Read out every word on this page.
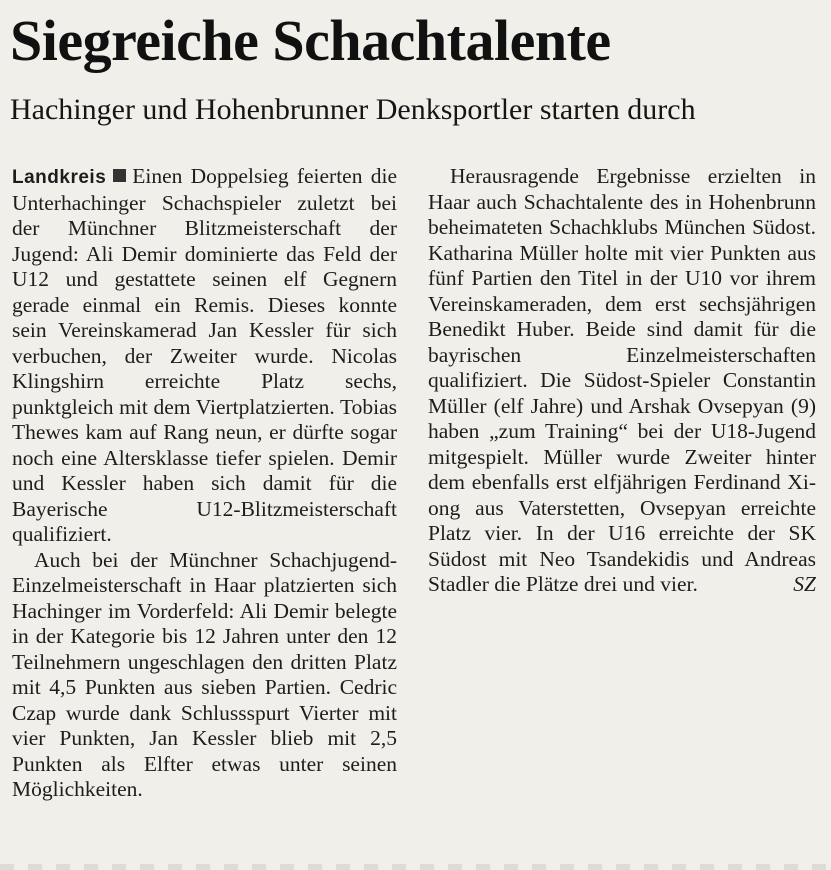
Siegreiche Schachtalente
Hachinger und Hohenbrunner Denksportler starten durch

Landkreis Einen Doppelsieg feierten die Unterhachinger Schachspieler zuletzt bei der Münchner Blitzmeisterschaft der Jugend: Ali Demir dominierte das Feld der U12 und gestattete seinen elf Gegnern gerade einmal ein Remis. Dieses konnte sein Vereinskamerad Jan Kessler für sich verbuchen, der Zweiter wurde. Nicolas Klingshirn erreichte Platz sechs, punktgleich mit dem Viertplatzierten. Tobias Thewes kam auf Rang neun, er dürfte sogar noch eine Altersklasse tiefer spielen. Demir und Kessler haben sich damit für die Bayerische U12-Blitzmeisterschaft qualifiziert.

Auch bei der Münchner Schachjugend-Einzelmeisterschaft in Haar platzierten sich Hachinger im Vorderfeld: Ali Demir belegte in der Kategorie bis 12 Jahren unter den 12 Teilnehmern ungeschlagen den dritten Platz mit 4,5 Punkten aus sieben Partien. Cedric Czap wurde dank Schlussspurt Vierter mit vier Punkten, Jan Kessler blieb mit 2,5 Punkten als Elfter etwas unter seinen Möglichkeiten.

Herausragende Ergebnisse erzielten in Haar auch Schachtalente des in Hohenbrunn beheimateten Schachklubs München Südost. Katharina Müller holte mit vier Punkten aus fünf Partien den Titel in der U10 vor ihrem Vereinskameraden, dem erst sechsjährigen Benedikt Huber. Beide sind damit für die bayrischen Einzelmeisterschaften qualifiziert. Die Südost-Spieler Constantin Müller (elf Jahre) und Arshak Ovsepyan (9) haben „zum Training“ bei der U18-Jugend mitgespielt. Müller wurde Zweiter hinter dem ebenfalls erst elfjährigen Ferdinand Xiong aus Vaterstetten, Ovsepyan erreichte Platz vier. In der U16 erreichte der SK Südost mit Neo Tsandekidis und Andreas Stadler die Plätze drei und vier.	SZ
